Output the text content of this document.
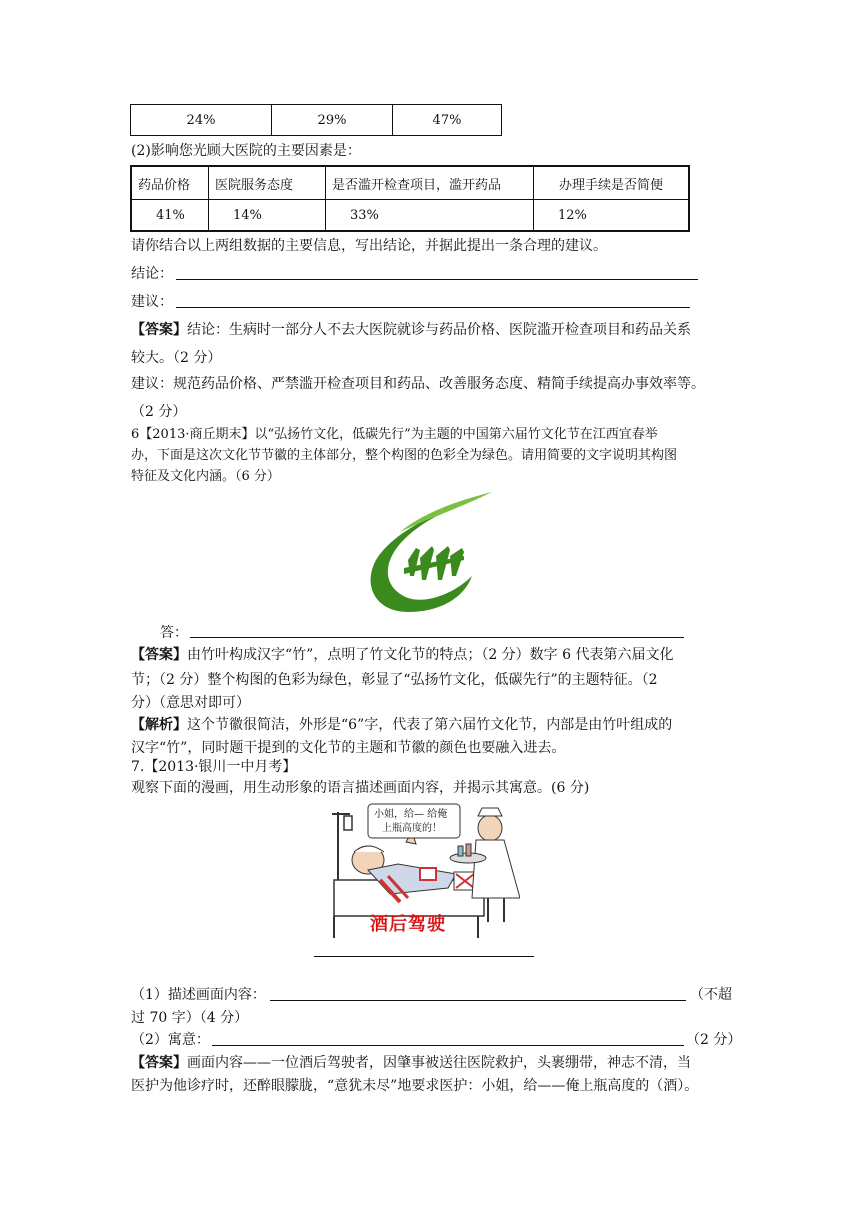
24%	29%	47%
(2)影响您光顾大医院的主要因素是：
药品价格	医院服务态度	是否滥开检查项目，滥开药品	办理手续是否简便
41%	14%	33%	12%
请你结合以上两组数据的主要信息，写出结论，并据此提出一条合理的建议。
结论：
建议：
【答案】结论：生病时一部分人不去大医院就诊与药品价格、医院滥开检查项目和药品关系
较大。（2 分）
建议：规范药品价格、严禁滥开检查项目和药品、改善服务态度、精简手续提高办事效率等。
（2 分）
6【2013·商丘期末】以“弘扬竹文化，低碳先行”为主题的中国第六届竹文化节在江西宜春举
办，下面是这次文化节节徽的主体部分，整个构图的色彩全为绿色。请用简要的文字说明其构图
特征及文化内涵。（6 分）
答：
【答案】由竹叶构成汉字“竹”，点明了竹文化节的特点；（2 分）数字 6 代表第六届文化
节；（2 分）整个构图的色彩为绿色，彰显了“弘扬竹文化，低碳先行”的主题特征。（2
分）（意思对即可）
【解析】这个节徽很简洁，外形是“6”字，代表了第六届竹文化节，内部是由竹叶组成的
汉字“竹”，同时题干提到的文化节的主题和节徽的颜色也要融入进去。
7.【2013·银川一中月考】
观察下面的漫画，用生动形象的语言描述画面内容，并揭示其寓意。(6 分)
小姐，给— 给俺
上瓶高度的！
酒后驾驶
（1）描述画面内容：	（不超
过 70 字）（4 分）
（2）寓意：	（2 分）
【答案】画面内容——一位酒后驾驶者，因肇事被送往医院救护，头裹绷带，神志不清，当
医护为他诊疗时，还醉眼朦胧，“意犹未尽”地要求医护：小姐，给——俺上瓶高度的（酒）。
